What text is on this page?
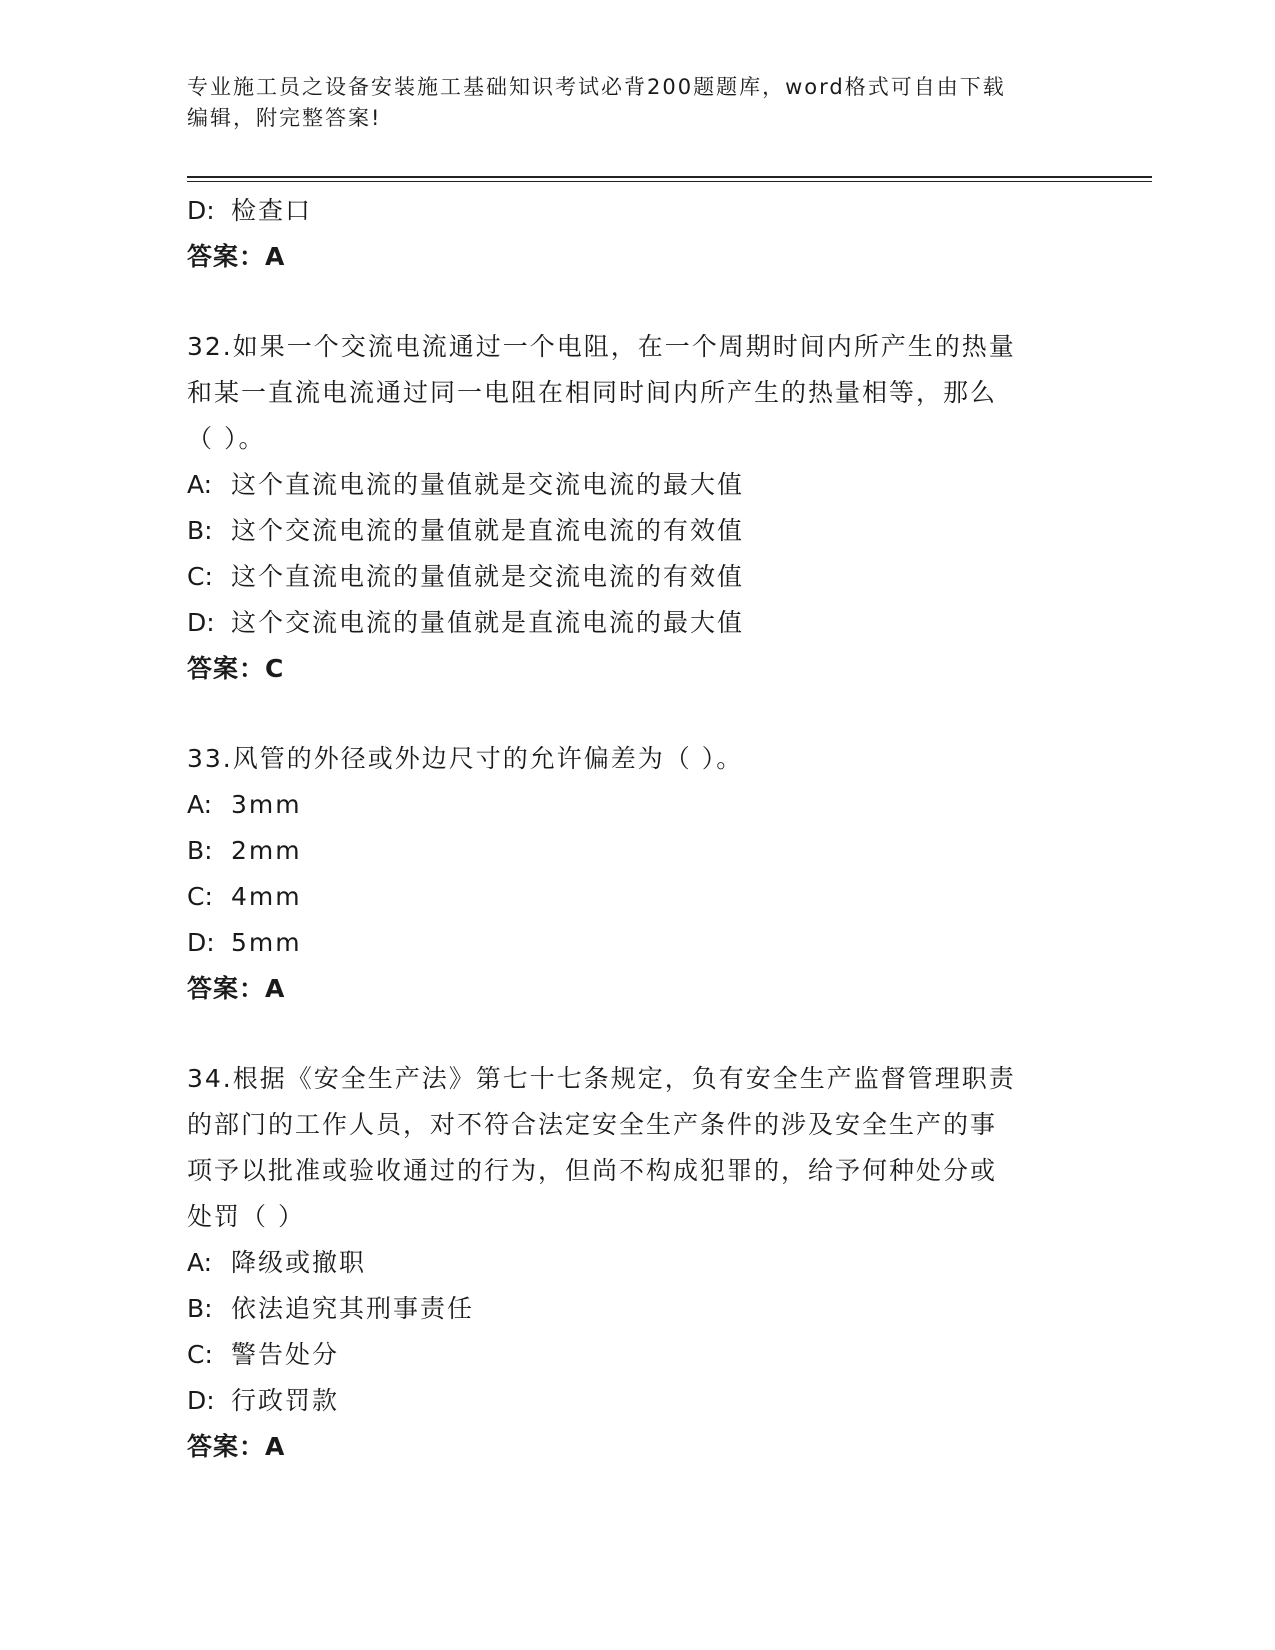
专业施工员之设备安装施工基础知识考试必背200题题库，word格式可自由下载
编辑，附完整答案!
D: 检查口
答案：A
32.如果一个交流电流通过一个电阻，在一个周期时间内所产生的热量
和某一直流电流通过同一电阻在相同时间内所产生的热量相等，那么
（ ）。
A: 这个直流电流的量值就是交流电流的最大值
B: 这个交流电流的量值就是直流电流的有效值
C: 这个直流电流的量值就是交流电流的有效值
D: 这个交流电流的量值就是直流电流的最大值
答案：C
33.风管的外径或外边尺寸的允许偏差为（ ）。
A: 3mm
B: 2mm
C: 4mm
D: 5mm
答案：A
34.根据《安全生产法》第七十七条规定，负有安全生产监督管理职责
的部门的工作人员，对不符合法定安全生产条件的涉及安全生产的事
项予以批准或验收通过的行为，但尚不构成犯罪的，给予何种处分或
处罚（ ）
A: 降级或撤职
B: 依法追究其刑事责任
C: 警告处分
D: 行政罚款
答案：A
